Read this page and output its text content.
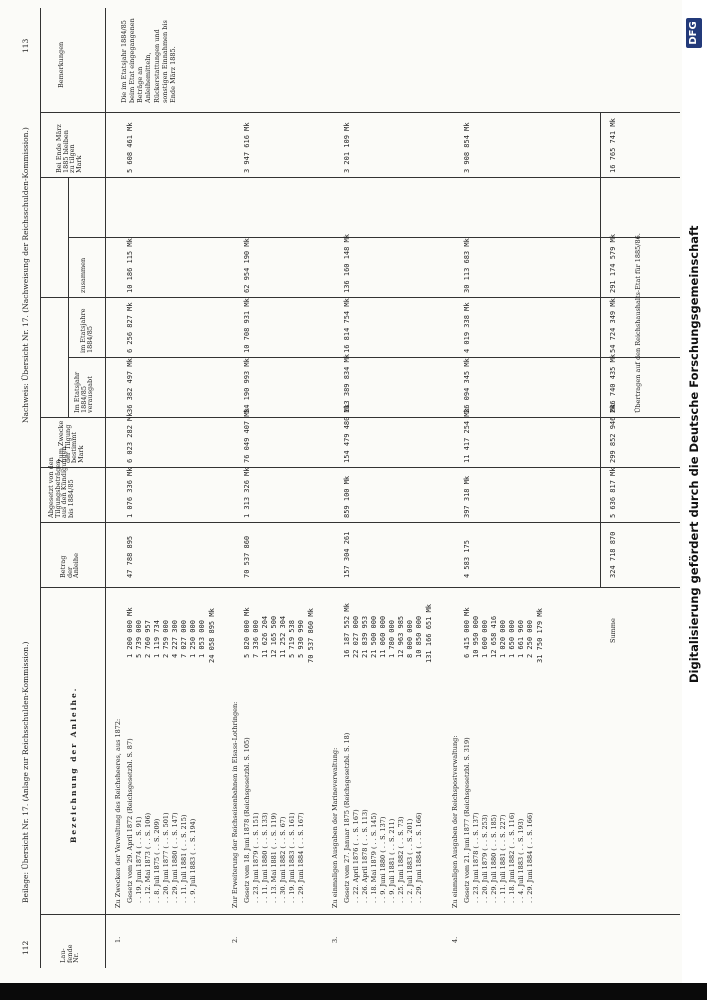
112
Beilage: Übersicht Nr. 17. (Anlage zur Reichsschulden-Kommission.)
Nachweis: Übersicht Nr. 17. (Nachweisung der Reichsschulden-Kommission.)
113
Lau-
fende
Nr.
Bezeichnung der Anleihe.
Betrag
der
Anleihe
Abgesetzt von den
Tilgungsbeträgen
aus den Kündigungen
bis 1884/85
Zum Zwecke
der Tilgung
bestimmt
Mark
Im Etatsjahr
1884/85
verausgabt
im Etatsjahre
1884/85
zusammen
Bei Ende März
1885 bleiben
zu tilgen
Mark
Bemerkungen
1.
Zu Zwecken der Verwaltung des Reichsheeres, aus 1872: Gesetz vom 29. April 1872 (Reichsgesetzbl. S. 87) . . 19. Juni 1874 ( . . S. 91) . . 12. Mai 1873 ( . . S. 106) . . 8. Juli 1875 ( . . S. 209) . . 20. Juni 1877 ( . . S. 501) . . 29. Juni 1880 ( . . S. 147) . . 11. Juli 1881 ( . . S. 215) . . 9. Juli 1883 ( . . S. 194)
1 200 000 Mk 5 739 000 2 760 957 1 119 734 2 759 000 4 227 300 7 027 000 1 250 000 1 053 000 24 058 895 Mk
47 788 895
1 076 336 Mk
6 023 282 Mk
36 382 497 Mk
6 256 827 Mk
10 186 115 Mk
5 608 461 Mk
2.
Zur Erweiterung der Reichseisenbahnen in Elsass-Lothringen: Gesetz vom 18. Juni 1878 (Reichsgesetzbl. S. 105) . . 23. Juni 1879 ( . . S. 151) . . 11. Juni 1880 ( . . S. 133) . . 13. Mai 1881 ( . . S. 119) . . 30. Juni 1882 ( . . S. 67) . . 19. Juni 1883 ( . . S. 161) . . 29. Juni 1884 ( . . S. 167)
5 820 000 Mk 7 336 000 11 626 204 12 165 500 11 252 304 5 719 538 5 930 990 70 537 860 Mk
70 537 860
1 313 326 Mk
76 049 407 Mk
54 190 993 Mk
10 708 931 Mk
62 954 190 Mk
3 947 616 Mk
3.
Zu einmaligen Ausgaben der Marineverwaltung: Gesetz vom 27. Januar 1875 (Reichsgesetzbl. S. 18) . . 22. April 1876 ( . . S. 167) . . 26. April 1878 ( . . S. 113) . . 18. Mai 1879 ( . . S. 145) . . 9. Juni 1880 ( . . S. 137) . . 9. Juli 1881 ( . . S. 211) . . 25. Juni 1882 ( . . S. 73) . . 2. Juli 1883 ( . . S. 201) . . 29. Juni 1884 ( . . S. 166)
16 187 552 Mk 22 027 000 21 839 953 21 500 000 11 060 000 1 780 000 12 963 985 8 000 000 10 850 000 131 166 651 Mk
157 304 261
859 100 Mk
154 479 480 Mk
113 389 834 Mk
16 814 754 Mk
136 160 148 Mk
3 201 109 Mk
4.
Zu einmaligen Ausgaben der Reichspostverwaltung: Gesetz vom 21. Juni 1877 (Reichsgesetzbl. S. 319) . . 23. Juni 1878 ( . . S. 137) . . 20. Juli 1879 ( . . S. 253) . . 29. Juli 1880 ( . . S. 185) . . 11. Juli 1881 ( . . S. 227) . . 18. Juni 1882 ( . . S. 116) . . 4. Juli 1883 ( . . S. 193) . . 29. Juni 1884 ( . . S. 166)
6 415 000 Mk 10 950 000 1 600 000 12 658 416 1 020 000 1 650 000 1 661 960 2 250 000 31 750 179 Mk
4 583 175
397 318 Mk
11 417 254 Mk
26 094 345 Mk
4 019 338 Mk
30 113 683 Mk
3 908 854 Mk
Summe
324 718 870
5 636 817 Mk
299 852 946 Mk
246 740 435 Mk
54 724 349 Mk
291 174 579 Mk
16 765 741 Mk
Die im Etatsjahr 1884/85 beim Etat eingegangenen Beträge an Anleihemitteln, Rückerstattungen und sonstigen Einnahmen bis Ende März 1885.
Übertragen auf den Reichshaushalts-Etat für 1885/86.	Digitalisierung gefördert durch die Deutsche Forschungsgemeinschaft
DFG
